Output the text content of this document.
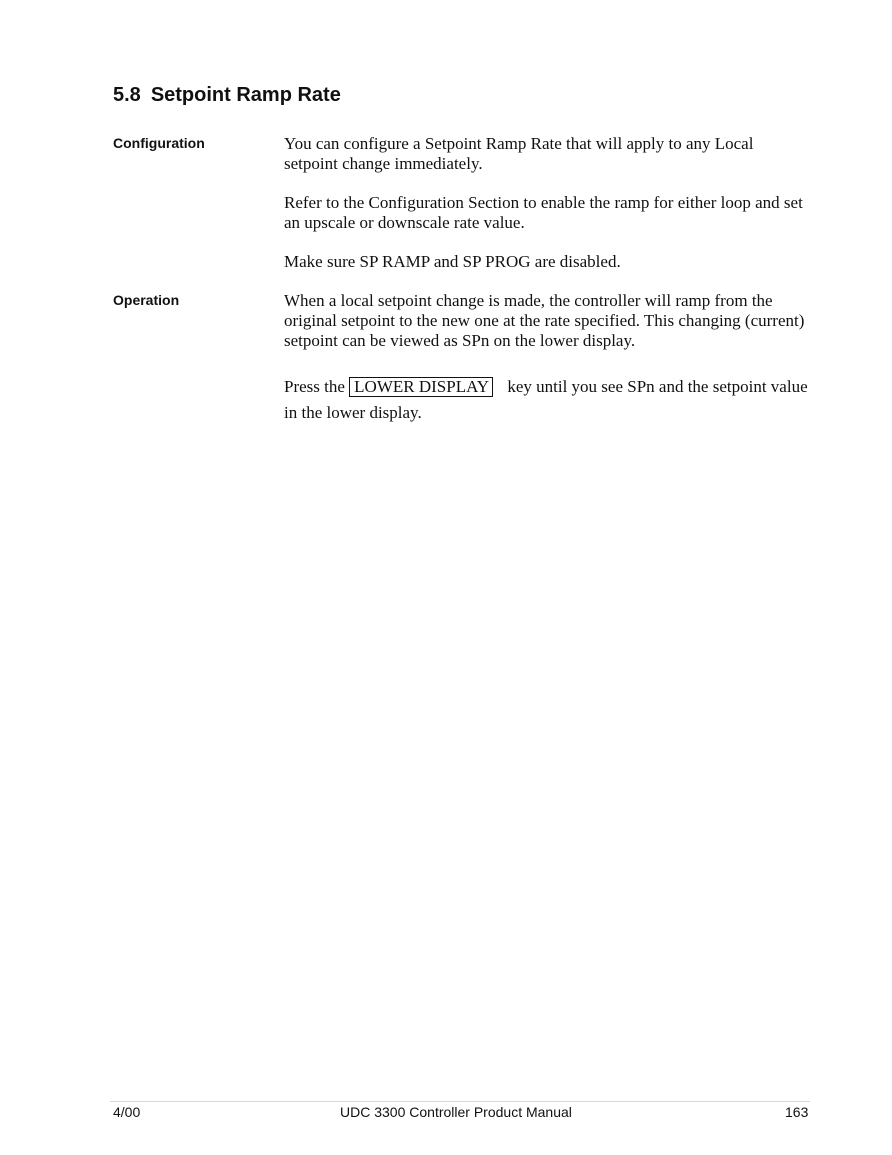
5.8 Setpoint Ramp Rate
Configuration	You can configure a Setpoint Ramp Rate that will apply to any Local setpoint change immediately.

Refer to the Configuration Section to enable the ramp for either loop and set an upscale or downscale rate value.

Make sure SP RAMP and SP PROG are disabled.

Operation	When a local setpoint change is made, the controller will ramp from the original setpoint to the new one at the rate specified. This changing (current) setpoint can be viewed as SPn on the lower display.

Press the LOWER DISPLAY key until you see SPn and the setpoint value in the lower display.

4/00	UDC 3300 Controller Product Manual	163
